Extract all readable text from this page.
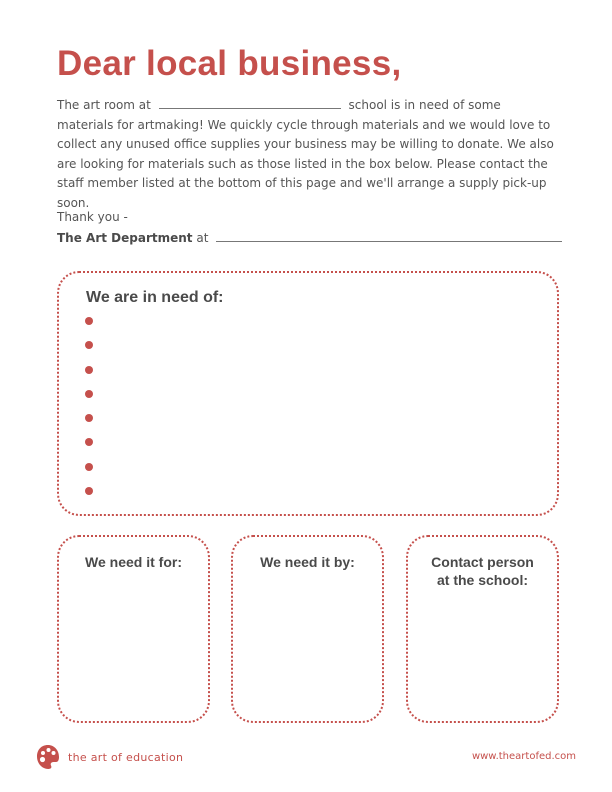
Dear local business,

The art room at	school is in need of some materials for artmaking! We quickly cycle through materials and we would love to collect any unused office supplies your business may be willing to donate. We also are looking for materials such as those listed in the box below. Please contact the staff member listed at the bottom of this page and we'll arrange a supply pick-up soon.

Thank you -
The Art Department at
We are in need of:
We need it for:	We need it by:	Contact person
at the school:
the art of education	www.theartofed.com
